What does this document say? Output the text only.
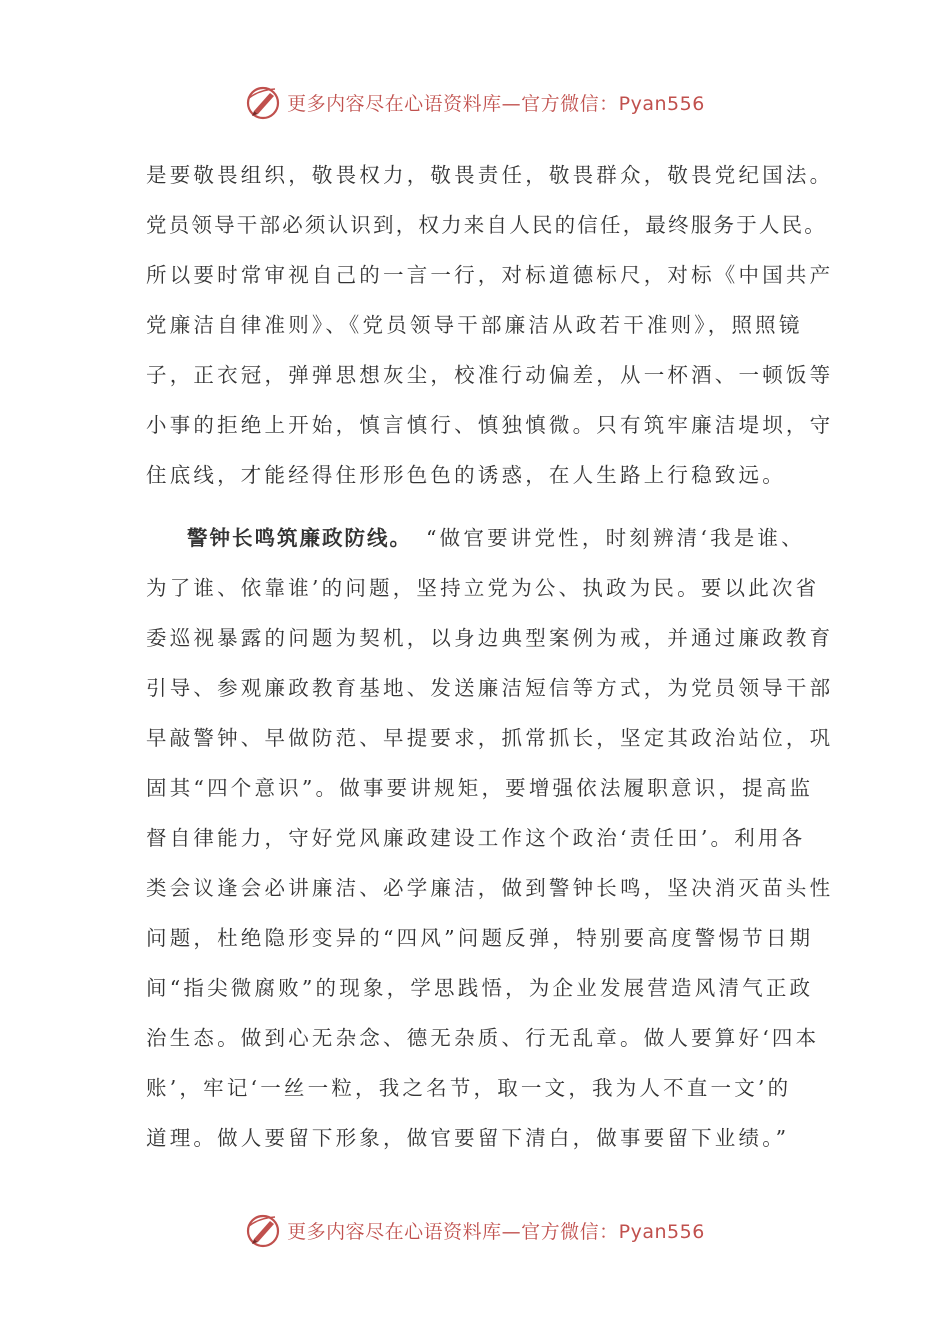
更多内容尽在心语资料库—官方微信：Pyan556
是要敬畏组织，敬畏权力，敬畏责任，敬畏群众，敬畏党纪国法。
党员领导干部必须认识到，权力来自人民的信任，最终服务于人民。
所以要时常审视自己的一言一行，对标道德标尺，对标《中国共产
党廉洁自律准则》、《党员领导干部廉洁从政若干准则》，照照镜
子，正衣冠，弹弹思想灰尘，校准行动偏差，从一杯酒、一顿饭等
小事的拒绝上开始，慎言慎行、慎独慎微。只有筑牢廉洁堤坝，守
住底线，才能经得住形形色色的诱惑，在人生路上行稳致远。
警钟长鸣筑廉政防线。 “做官要讲党性，时刻辨清‘我是谁、
为了谁、依靠谁’的问题，坚持立党为公、执政为民。要以此次省
委巡视暴露的问题为契机，以身边典型案例为戒，并通过廉政教育
引导、参观廉政教育基地、发送廉洁短信等方式，为党员领导干部
早敲警钟、早做防范、早提要求，抓常抓长，坚定其政治站位，巩
固其“四个意识”。做事要讲规矩，要增强依法履职意识，提高监
督自律能力，守好党风廉政建设工作这个政治‘责任田’。利用各
类会议逢会必讲廉洁、必学廉洁，做到警钟长鸣，坚决消灭苗头性
问题，杜绝隐形变异的“四风”问题反弹，特别要高度警惕节日期
间“指尖微腐败”的现象，学思践悟，为企业发展营造风清气正政
治生态。做到心无杂念、德无杂质、行无乱章。做人要算好‘四本
账’，牢记‘一丝一粒，我之名节，取一文，我为人不直一文’的
道理。做人要留下形象，做官要留下清白，做事要留下业绩。”
更多内容尽在心语资料库—官方微信：Pyan556
